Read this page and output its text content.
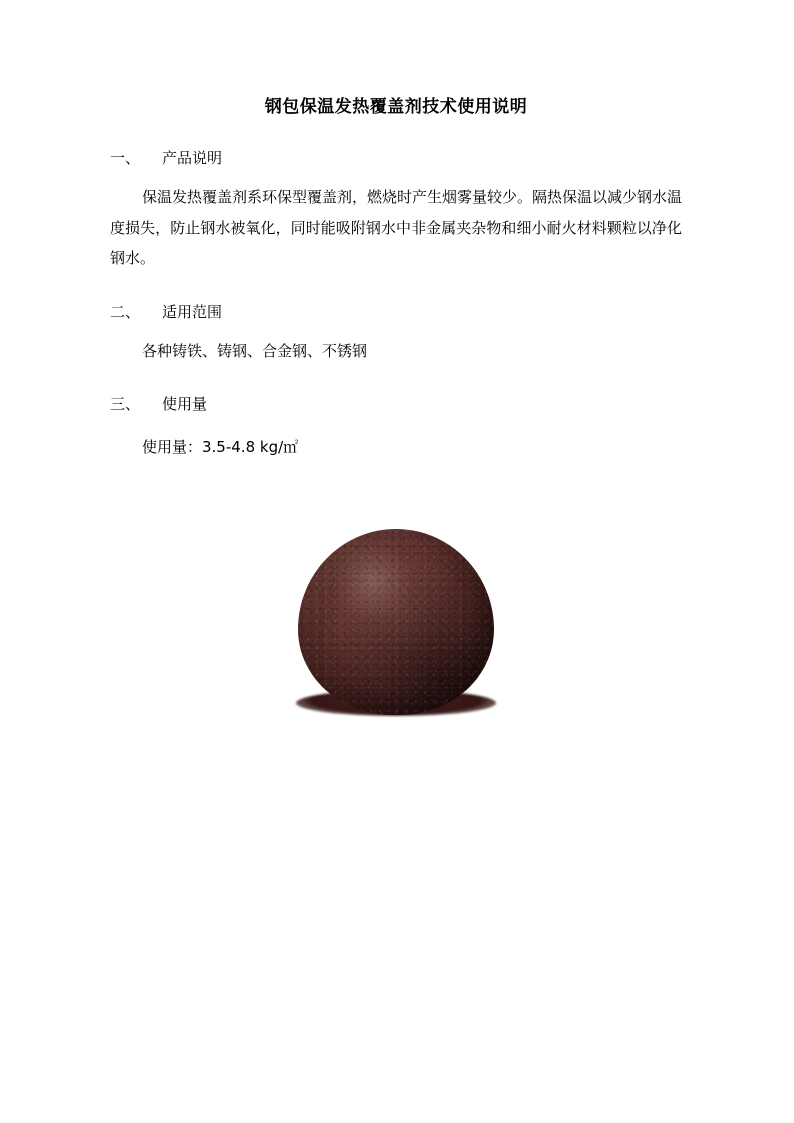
钢包保温发热覆盖剂技术使用说明

一、 产品说明

保温发热覆盖剂系环保型覆盖剂，燃烧时产生烟雾量较少。隔热保温以减少钢水温度损失，防止钢水被氧化，同时能吸附钢水中非金属夹杂物和细小耐火材料颗粒以净化钢水。

二、 适用范围

各种铸铁、铸钢、合金钢、不锈钢

三、 使用量

使用量：3.5-4.8 kg/㎡
